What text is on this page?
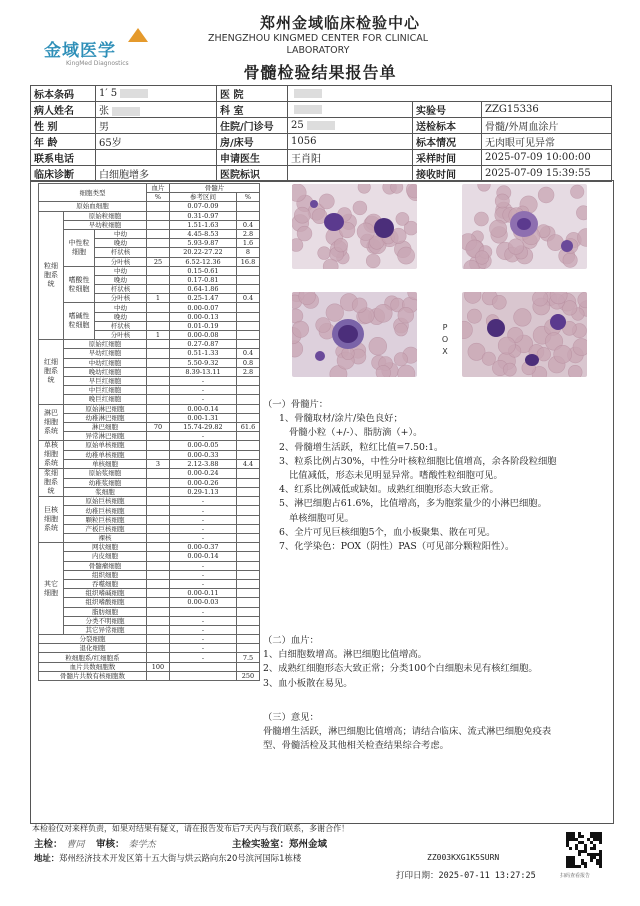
金域医学
KingMed Diagnostics
郑州金域临床检验中心
ZHENGZHOU KINGMED CENTER FOR CLINICAL LABORATORY
骨髓检验结果报告单
标本条码	1′ 5	医 院			
病人姓名	张	科 室		实验号	ZZG15336
性 别	男	住院/门诊号	25	送检标本	骨髓/外周血涂片
年 龄	65岁	房/床号	1056	标本情况	无肉眼可见异常
联系电话		申请医生	王肖阳	采样时间	2025-07-09 10:00:00
临床诊断	白细胞增多	医院标识		接收时间	2025-07-09 15:39:55
细胞类型			血片	骨髓片	
			%	参考区间	%
原始血细胞				0.07-0.09	
粒细胞系统	原始粒细胞			0.31-0.97	
	早幼粒细胞			1.51-1.63	0.4
	中性粒细胞	中幼		4.45-8.53	2.8
		晚幼		5.93-9.87	1.6
		杆状核		20.22-27.22	8
		分叶核	25	6.52-12.36	16.8
	嗜酸性粒细胞	中幼		0.15-0.61	
		晚幼		0.17-0.81	
		杆状核		0.64-1.86	
		分叶核	1	0.25-1.47	0.4
	嗜碱性粒细胞	中幼		0.00-0.07	
		晚幼		0.00-0.13	
		杆状核		0.01-0.19	
		分叶核	1	0.00-0.08	
红细胞系统	原始红细胞			0.27-0.87	
	早幼红细胞			0.51-1.33	0.4
	中幼红细胞			5.50-9.32	0.8
	晚幼红细胞			8.39-13.11	2.8
	早巨红细胞			-	
	中巨红细胞			-	
	晚巨红细胞			-	
淋巴细胞系统	原始淋巴细胞			0.00-0.14	
	幼稚淋巴细胞			0.00-1.31	
	淋巴细胞		70	15.74-29.82	61.6
	异常淋巴细胞			-	
单核细胞系统	原始单核细胞			0.00-0.05	
	幼稚单核细胞			0.00-0.33	
	单核细胞		3	2.12-3.88	4.4
浆细胞系统	原始浆细胞			0.00-0.24	
	幼稚浆细胞			0.00-0.26	
	浆细胞			0.29-1.13	
巨核细胞系统	原始巨核细胞			-	
	幼稚巨核细胞			-	
	颗粒巨核细胞			-	
	产板巨核细胞			-	
	裸核			-	
其它细胞	网状细胞			0.00-0.37	
	内皮细胞			0.00-0.14	
	骨髓瘤细胞			-	
	组织细胞			-	
	吞噬细胞			-	
	组织嗜碱细胞			0.00-0.11	
	组织嗜酸细胞			0.00-0.03	
	脂肪细胞			-	
	分类不明细胞			-	
	其它异常细胞			-	
分裂细胞				-	
退化细胞				-	
粒细胞系/红细胞系				-	7.5
血片共数细胞数			100		
骨髓片共数有核细胞数					250
P
O
X

（一）骨髓片：

1、骨髓取材/涂片/染色良好；

骨髓小粒（+/-）、脂肪滴（+）。

2、骨髓增生活跃，粒红比值=7.50:1。

3、粒系比例占30%，中性分叶核粒细胞比值增高，余各阶段粒细胞

比值减低，形态未见明显异常。嗜酸性粒细胞可见。

4、红系比例减低或缺如。成熟红细胞形态大致正常。

5、淋巴细胞占61.6%，比值增高，多为胞浆量少的小淋巴细胞。

单核细胞可见。

6、全片可见巨核细胞5个，血小板聚集、散在可见。

7、化学染色：POX（阴性）PAS（可见部分颗粒阳性）。

（二）血片：

1、白细胞数增高。淋巴细胞比值增高。

2、成熟红细胞形态大致正常；分类100个白细胞未见有核红细胞。

3、血小板散在易见。

（三）意见：

骨髓增生活跃，淋巴细胞比值增高；请结合临床、流式淋巴细胞免疫表

型、骨髓活检及其他相关检查结果综合考虑。

本检验仪对来样负责，如果对结果有疑义，请在报告发布后7天内与我们联系，多谢合作！
主检： 曹同 审核： 秦学杰	主检实验室：郑州金域
地址：郑州经济技术开发区第十五大街与烘云路向东20号滨河国际1栋楼	ZZ003KXG1K5SURN
打印日期：2025-07-11 13:27:25	扫码查看报告
